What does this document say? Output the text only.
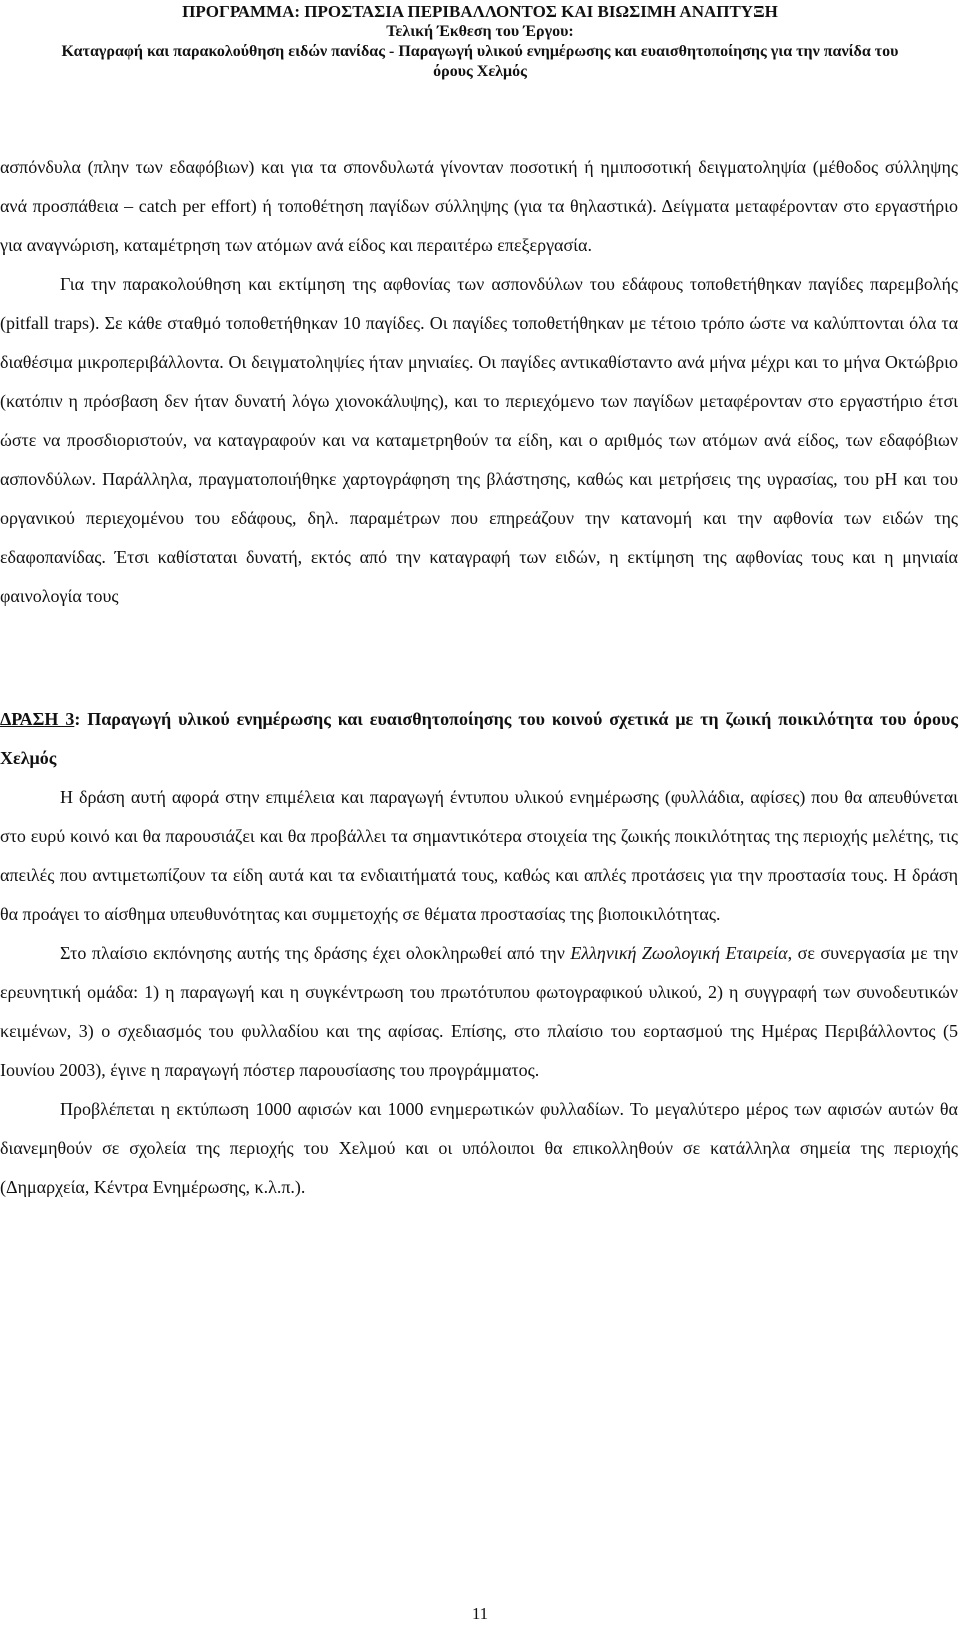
ΠΡΟΓΡΑΜΜΑ: ΠΡΟΣΤΑΣΙΑ ΠΕΡΙΒΑΛΛΟΝΤΟΣ ΚΑΙ ΒΙΩΣΙΜΗ ΑΝΑΠΤΥΞΗ
Τελική Έκθεση του Έργου:
Καταγραφή και παρακολούθηση ειδών πανίδας - Παραγωγή υλικού ενημέρωσης και ευαισθητοποίησης για την πανίδα του
όρους Χελμός

ασπόνδυλα (πλην των εδαφόβιων) και για τα σπονδυλωτά γίνονταν ποσοτική ή ημιποσοτική δειγματοληψία (μέθοδος σύλληψης ανά προσπάθεια – catch per effort) ή τοποθέτηση παγίδων σύλληψης (για τα θηλαστικά). Δείγματα μεταφέρονταν στο εργαστήριο για αναγνώριση, καταμέτρηση των ατόμων ανά είδος και περαιτέρω επεξεργασία.

Για την παρακολούθηση και εκτίμηση της αφθονίας των ασπονδύλων του εδάφους τοποθετήθηκαν παγίδες παρεμβολής (pitfall traps). Σε κάθε σταθμό τοποθετήθηκαν 10 παγίδες. Οι παγίδες τοποθετήθηκαν με τέτοιο τρόπο ώστε να καλύπτονται όλα τα διαθέσιμα μικροπεριβάλλοντα. Οι δειγματοληψίες ήταν μηνιαίες. Οι παγίδες αντικαθίσταντο ανά μήνα μέχρι και το μήνα Οκτώβριο (κατόπιν η πρόσβαση δεν ήταν δυνατή λόγω χιονοκάλυψης), και το περιεχόμενο των παγίδων μεταφέρονταν στο εργαστήριο έτσι ώστε να προσδιοριστούν, να καταγραφούν και να καταμετρηθούν τα είδη, και ο αριθμός των ατόμων ανά είδος, των εδαφόβιων ασπονδύλων. Παράλληλα, πραγματοποιήθηκε χαρτογράφηση της βλάστησης, καθώς και μετρήσεις της υγρασίας, του pH και του οργανικού περιεχομένου του εδάφους, δηλ. παραμέτρων που επηρεάζουν την κατανομή και την αφθονία των ειδών της εδαφοπανίδας. Έτσι καθίσταται δυνατή, εκτός από την καταγραφή των ειδών, η εκτίμηση της αφθονίας τους και η μηνιαία φαινολογία τους

ΔΡΑΣΗ 3: Παραγωγή υλικού ενημέρωσης και ευαισθητοποίησης του κοινού σχετικά με τη ζωική ποικιλότητα του όρους Χελμός

Η δράση αυτή αφορά στην επιμέλεια και παραγωγή έντυπου υλικού ενημέρωσης (φυλλάδια, αφίσες) που θα απευθύνεται στο ευρύ κοινό και θα παρουσιάζει και θα προβάλλει τα σημαντικότερα στοιχεία της ζωικής ποικιλότητας της περιοχής μελέτης, τις απειλές που αντιμετωπίζουν τα είδη αυτά και τα ενδιαιτήματά τους, καθώς και απλές προτάσεις για την προστασία τους. Η δράση θα προάγει το αίσθημα υπευθυνότητας και συμμετοχής σε θέματα προστασίας της βιοποικιλότητας.

Στο πλαίσιο εκπόνησης αυτής της δράσης έχει ολοκληρωθεί από την Ελληνική Ζωολογική Εταιρεία, σε συνεργασία με την ερευνητική ομάδα: 1) η παραγωγή και η συγκέντρωση του πρωτότυπου φωτογραφικού υλικού, 2) η συγγραφή των συνοδευτικών κειμένων, 3) ο σχεδιασμός του φυλλαδίου και της αφίσας. Επίσης, στο πλαίσιο του εορτασμού της Ημέρας Περιβάλλοντος (5 Ιουνίου 2003), έγινε η παραγωγή πόστερ παρουσίασης του προγράμματος.

Προβλέπεται η εκτύπωση 1000 αφισών και 1000 ενημερωτικών φυλλαδίων. Το μεγαλύτερο μέρος των αφισών αυτών θα διανεμηθούν σε σχολεία της περιοχής του Χελμού και οι υπόλοιποι θα επικολληθούν σε κατάλληλα σημεία της περιοχής (Δημαρχεία, Κέντρα Ενημέρωσης, κ.λ.π.).

11
